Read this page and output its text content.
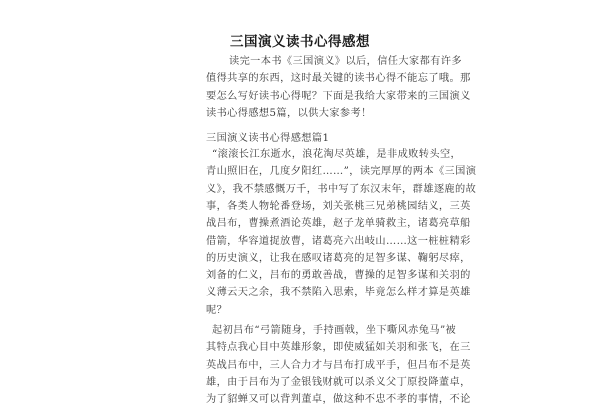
三国演义读书心得感想
读完一本书《三国演义》以后，信任大家都有许多
值得共享的东西，这时最关键的读书心得不能忘了哦。那
要怎么写好读书心得呢？下面是我给大家带来的三国演义
读书心得感想5篇，以供大家参考！
三国演义读书心得感想篇1
“滚滚长江东逝水，浪花淘尽英雄，是非成败转头空，
青山照旧在，几度夕阳红……”，读完厚厚的两本《三国演
义》，我不禁感慨万千，书中写了东汉末年，群雄逐鹿的故
事，各类人物轮番登场，刘关张桃三兄弟桃园结义，三英
战吕布，曹操煮酒论英雄，赵子龙单骑救主，诸葛亮草船
借箭，华容道捉放曹，诸葛亮六出岐山……这一桩桩精彩
的历史演义，让我在感叹诸葛亮的足智多谋、鞠躬尽瘁，
刘备的仁义，吕布的勇敢善战，曹操的足智多谋和关羽的
义薄云天之余，我不禁陷入思索，毕竟怎么样才算是英雄
呢？
起初吕布“弓箭随身，手持画戟，坐下嘶风赤兔马”被
其特点我心目中英雄形象，即使威猛如关羽和张飞，在三
英战吕布中，三人合力才与吕布打成平手，但吕布不是英
雄，由于吕布为了金银钱财就可以杀义父丁原投降董卓，
为了貂蝉又可以背判董卓，做这种不忠不孝的事情，不论
